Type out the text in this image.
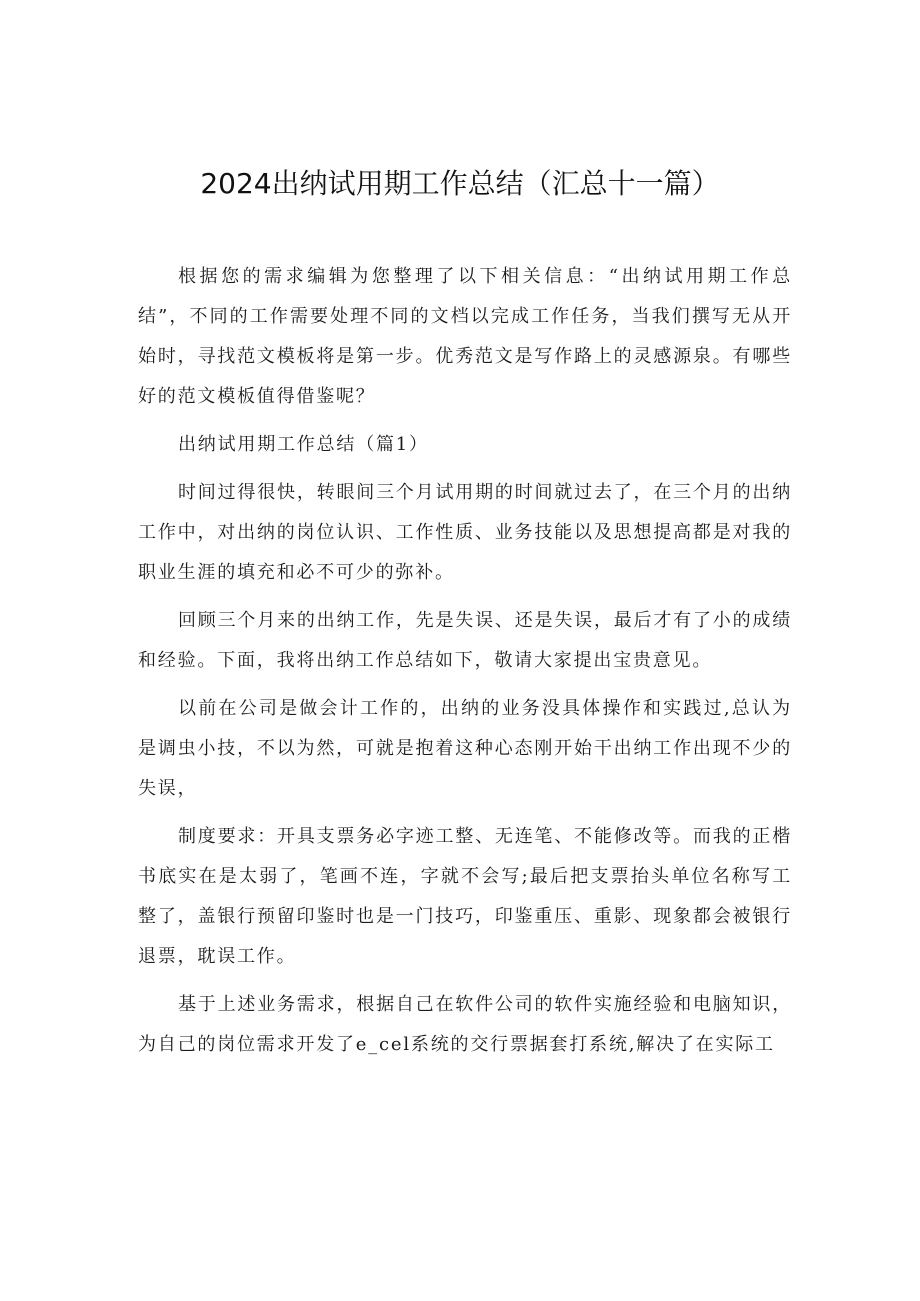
2024出纳试用期工作总结（汇总十一篇）

根据您的需求编辑为您整理了以下相关信息：“出纳试用期工作总结”，不同的工作需要处理不同的文档以完成工作任务，当我们撰写无从开始时，寻找范文模板将是第一步。优秀范文是写作路上的灵感源泉。有哪些好的范文模板值得借鉴呢？

出纳试用期工作总结（篇1）

时间过得很快，转眼间三个月试用期的时间就过去了，在三个月的出纳工作中，对出纳的岗位认识、工作性质、业务技能以及思想提高都是对我的职业生涯的填充和必不可少的弥补。

回顾三个月来的出纳工作，先是失误、还是失误，最后才有了小的成绩和经验。下面，我将出纳工作总结如下，敬请大家提出宝贵意见。

以前在公司是做会计工作的，出纳的业务没具体操作和实践过,总认为是调虫小技，不以为然，可就是抱着这种心态刚开始干出纳工作出现不少的失误，

制度要求：开具支票务必字迹工整、无连笔、不能修改等。而我的正楷书底实在是太弱了，笔画不连，字就不会写;最后把支票抬头单位名称写工整了，盖银行预留印鉴时也是一门技巧，印鉴重压、重影、现象都会被银行退票，耽误工作。

基于上述业务需求，根据自己在软件公司的软件实施经验和电脑知识，为自己的岗位需求开发了e_cel系统的交行票据套打系统,解决了在实际工
